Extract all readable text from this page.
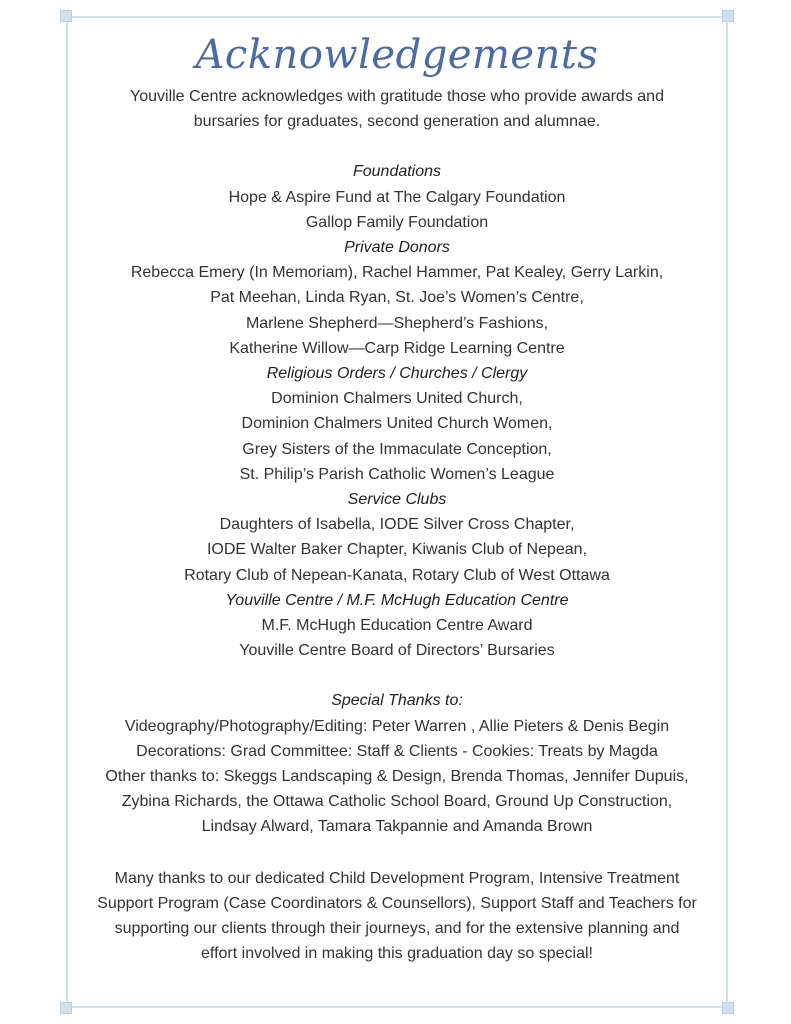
Acknowledgements

Youville Centre acknowledges with gratitude those who provide awards and

bursaries for graduates, second generation and alumnae.

Foundations

Hope & Aspire Fund at The Calgary Foundation

Gallop Family Foundation

Private Donors

Rebecca Emery (In Memoriam), Rachel Hammer, Pat Kealey, Gerry Larkin,

Pat Meehan, Linda Ryan, St. Joe’s Women’s Centre,

Marlene Shepherd—Shepherd’s Fashions,

Katherine Willow—Carp Ridge Learning Centre

Religious Orders / Churches / Clergy

Dominion Chalmers United Church,

Dominion Chalmers United Church Women,

Grey Sisters of the Immaculate Conception,

St. Philip’s Parish Catholic Women’s League

Service Clubs

Daughters of Isabella, IODE Silver Cross Chapter,

IODE Walter Baker Chapter, Kiwanis Club of Nepean,

Rotary Club of Nepean-Kanata, Rotary Club of West Ottawa

Youville Centre / M.F. McHugh Education Centre

M.F. McHugh Education Centre Award

Youville Centre Board of Directors’ Bursaries

Special Thanks to:

Videography/Photography/Editing: Peter Warren , Allie Pieters & Denis Begin

Decorations: Grad Committee: Staff & Clients - Cookies: Treats by Magda

Other thanks to: Skeggs Landscaping & Design, Brenda Thomas, Jennifer Dupuis,

Zybina Richards, the Ottawa Catholic School Board, Ground Up Construction,

Lindsay Alward, Tamara Takpannie and Amanda Brown

Many thanks to our dedicated Child Development Program, Intensive Treatment

Support Program (Case Coordinators & Counsellors), Support Staff and Teachers for

supporting our clients through their journeys, and for the extensive planning and

effort involved in making this graduation day so special!
